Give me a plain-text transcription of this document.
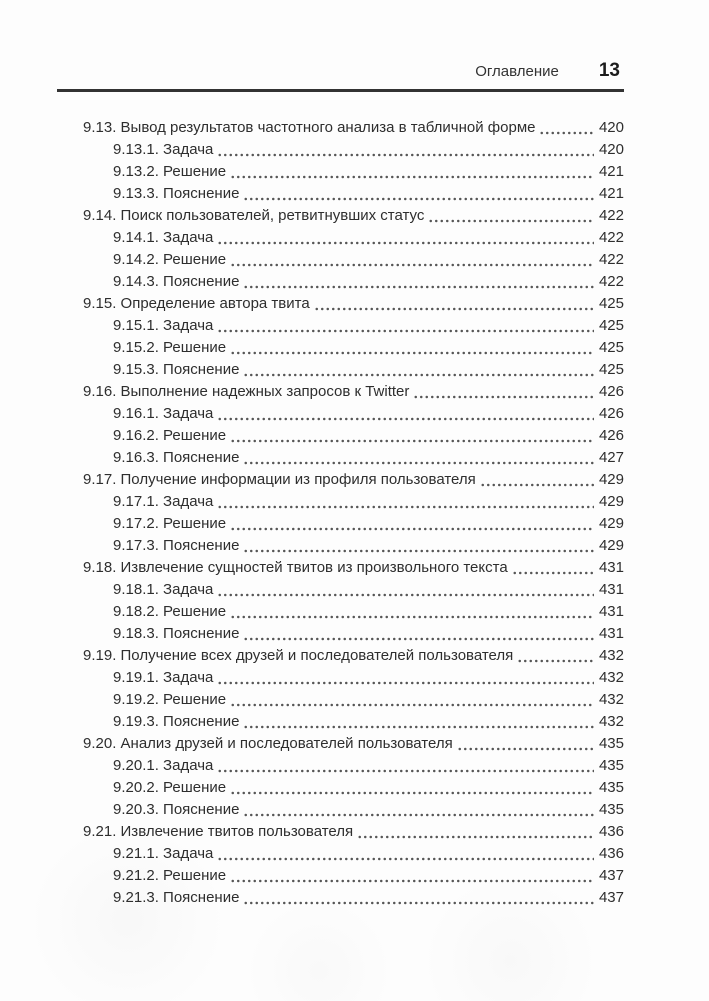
Оглавление 13
9.13. Вывод результатов частотного анализа в табличной форме	420
9.13.1. Задача	420
9.13.2. Решение	421
9.13.3. Пояснение	421
9.14. Поиск пользователей, ретвитнувших статус	422
9.14.1. Задача	422
9.14.2. Решение	422
9.14.3. Пояснение	422
9.15. Определение автора твита	425
9.15.1. Задача	425
9.15.2. Решение	425
9.15.3. Пояснение	425
9.16. Выполнение надежных запросов к Twitter	426
9.16.1. Задача	426
9.16.2. Решение	426
9.16.3. Пояснение	427
9.17. Получение информации из профиля пользователя	429
9.17.1. Задача	429
9.17.2. Решение	429
9.17.3. Пояснение	429
9.18. Извлечение сущностей твитов из произвольного текста	431
9.18.1. Задача	431
9.18.2. Решение	431
9.18.3. Пояснение	431
9.19. Получение всех друзей и последователей пользователя	432
9.19.1. Задача	432
9.19.2. Решение	432
9.19.3. Пояснение	432
9.20. Анализ друзей и последователей пользователя	435
9.20.1. Задача	435
9.20.2. Решение	435
9.20.3. Пояснение	435
9.21. Извлечение твитов пользователя	436
9.21.1. Задача	436
9.21.2. Решение	437
9.21.3. Пояснение	437
